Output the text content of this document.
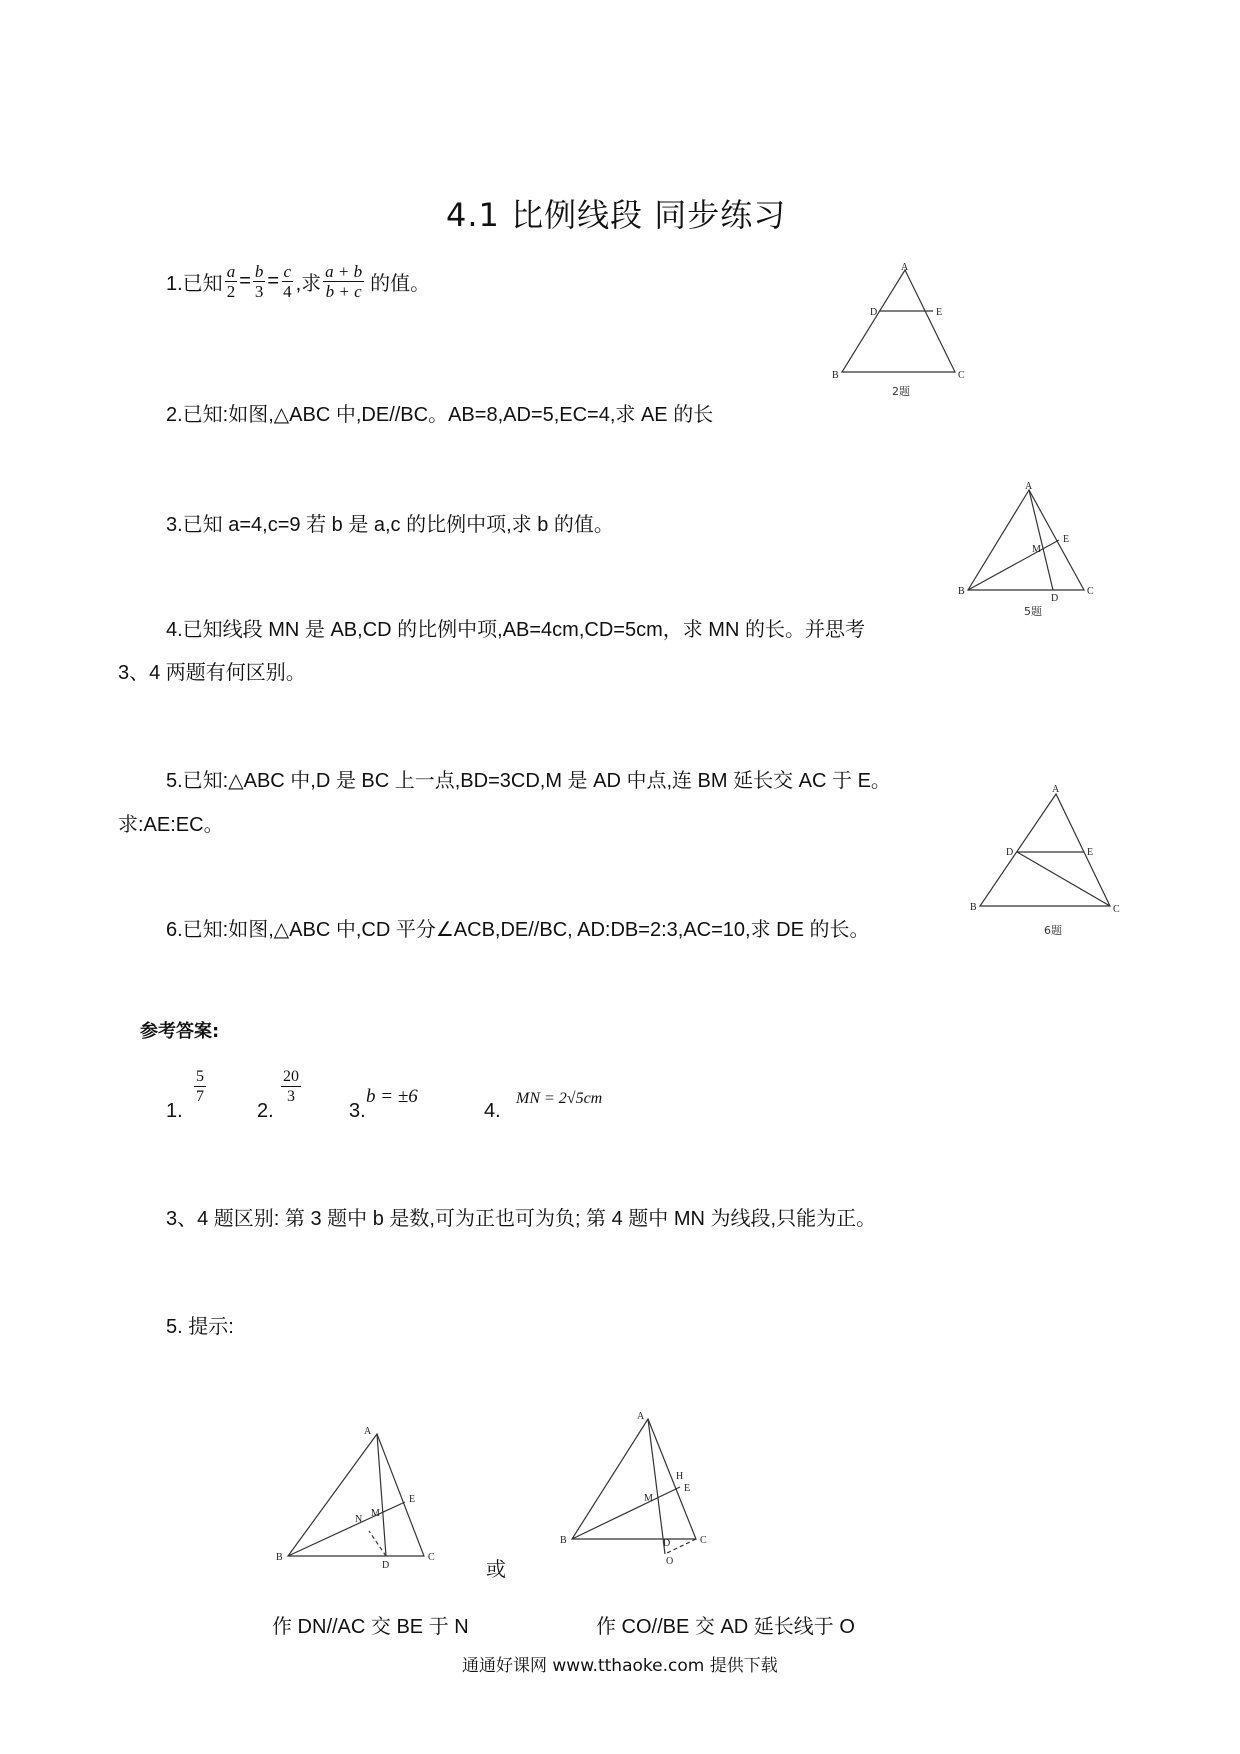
4.1 比例线段 同步练习
1.已知 $\frac{a}{2} = \frac{b}{3} = \frac{c}{4}$ ,求 $\frac{a + b}{b + c}$ 的值。
2.已知:如图,△ABC 中,DE//BC。AB=8,AD=5,EC=4,求 AE 的长
3.已知 a=4,c=9 若 b 是 a,c 的比例中项,求 b 的值。
4.已知线段 MN 是 AB,CD 的比例中项,AB=4cm,CD=5cm，求 MN 的长。并思考
3、4 两题有何区别。
5.已知:△ABC 中,D 是 BC 上一点,BD=3CD,M 是 AD 中点,连 BM 延长交 AC 于 E。
求:AE:EC。
6.已知:如图,△ABC 中,CD 平分∠ACB,DE//BC, AD:DB=2:3,AC=10,求 DE 的长。
A
D	E
B	C
2题
A
M
E
B
D
C
5题
A
D	E
B	C
6题
参考答案:
1.
$\frac{5}{7}$
2.
$\frac{20}{3}$
3.
b = ±6
4.
MN = 2√5cm
3、4 题区别: 第 3 题中 b 是数,可为正也可为负; 第 4 题中 MN 为线段,只能为正。
5. 提示:
A
M
N
E
B
D
C
或
A
H
M
E
B	D	C
O
作 DN//AC 交 BE 于 N	作 CO//BE 交 AD 延长线于 O
通通好课网 www.tthaoke.com 提供下载
